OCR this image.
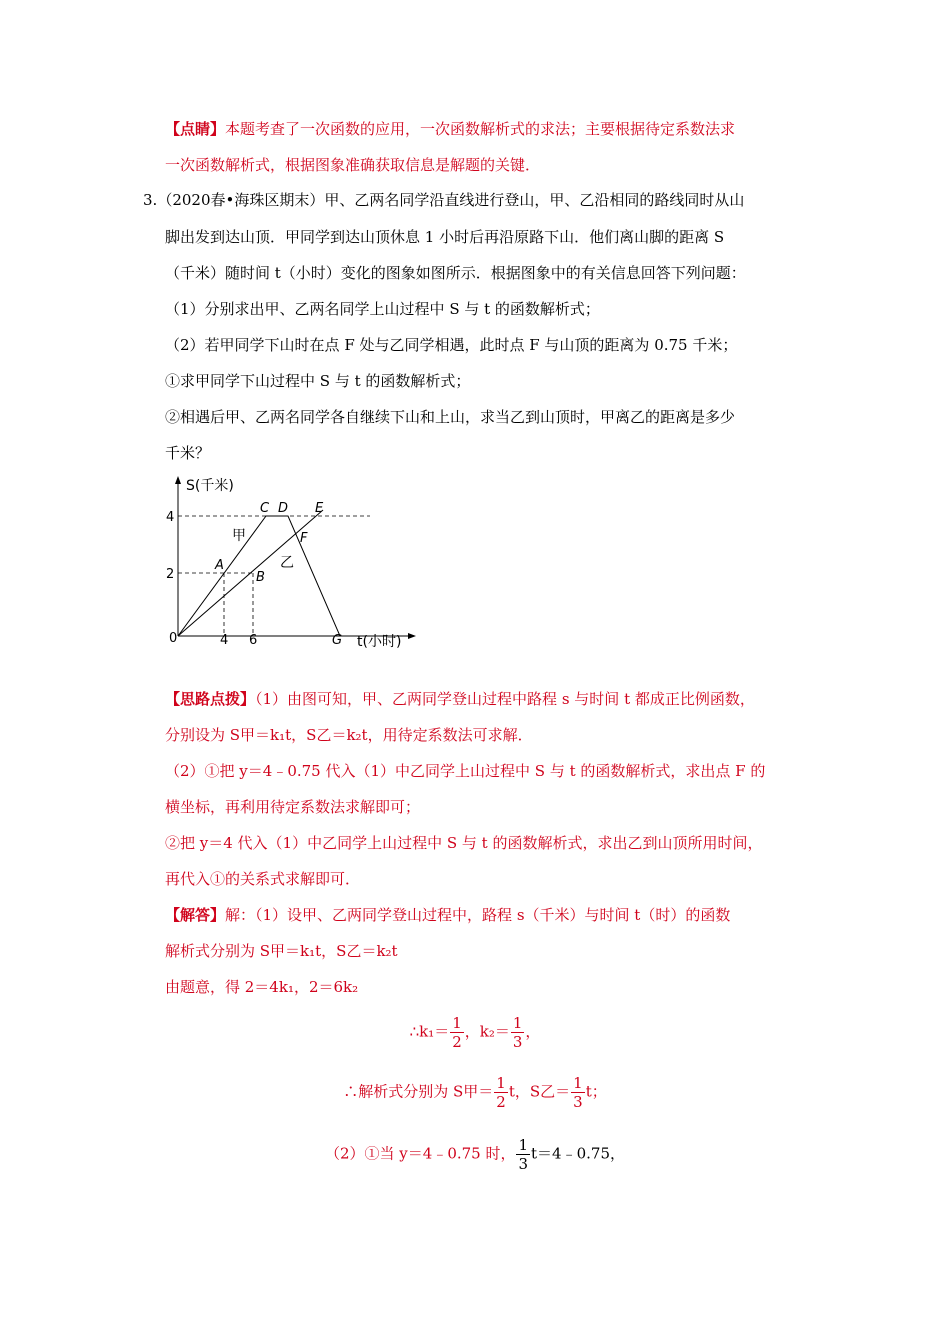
【点睛】本题考查了一次函数的应用，一次函数解析式的求法；主要根据待定系数法求
一次函数解析式，根据图象准确获取信息是解题的关键．
3.（2020春•海珠区期末）甲、乙两名同学沿直线进行登山，甲、乙沿相同的路线同时从山
脚出发到达山顶．甲同学到达山顶休息 1 小时后再沿原路下山．他们离山脚的距离 S
（千米）随时间 t（小时）变化的图象如图所示．根据图象中的有关信息回答下列问题：
（1）分别求出甲、乙两名同学上山过程中 S 与 t 的函数解析式；
（2）若甲同学下山时在点 F 处与乙同学相遇，此时点 F 与山顶的距离为 0.75 千米；
①求甲同学下山过程中 S 与 t 的函数解析式；
②相遇后甲、乙两名同学各自继续下山和上山，求当乙到山顶时，甲离乙的距离是多少
千米？
0
2
4
4 6
S(千米)
t(小时)
A
B
C D E
F
G
甲
乙
【思路点拨】（1）由图可知，甲、乙两同学登山过程中路程 s 与时间 t 都成正比例函数，
分别设为 S甲＝k₁t，S乙＝k₂t，用待定系数法可求解．
（2）①把 y＝4﹣0.75 代入（1）中乙同学上山过程中 S 与 t 的函数解析式，求出点 F 的
横坐标，再利用待定系数法求解即可；
②把 y＝4 代入（1）中乙同学上山过程中 S 与 t 的函数解析式，求出乙到山顶所用时间，
再代入①的关系式求解即可．
【解答】解：（1）设甲、乙两同学登山过程中，路程 s（千米）与时间 t（时）的函数
解析式分别为 S甲＝k₁t，S乙＝k₂t
由题意，得 2＝4k₁，2＝6k₂
∴k₁＝ $\frac{1}{2}$ ，$k_2= \frac{1}{3}$ ，
∴解析式分别为 S甲＝ $\frac{1}{2}$ t，S乙＝ $\frac{1}{3}$ t；
（2）①当 y＝4﹣0.75 时， $\frac{1}{3}$ t＝4﹣0.75，
